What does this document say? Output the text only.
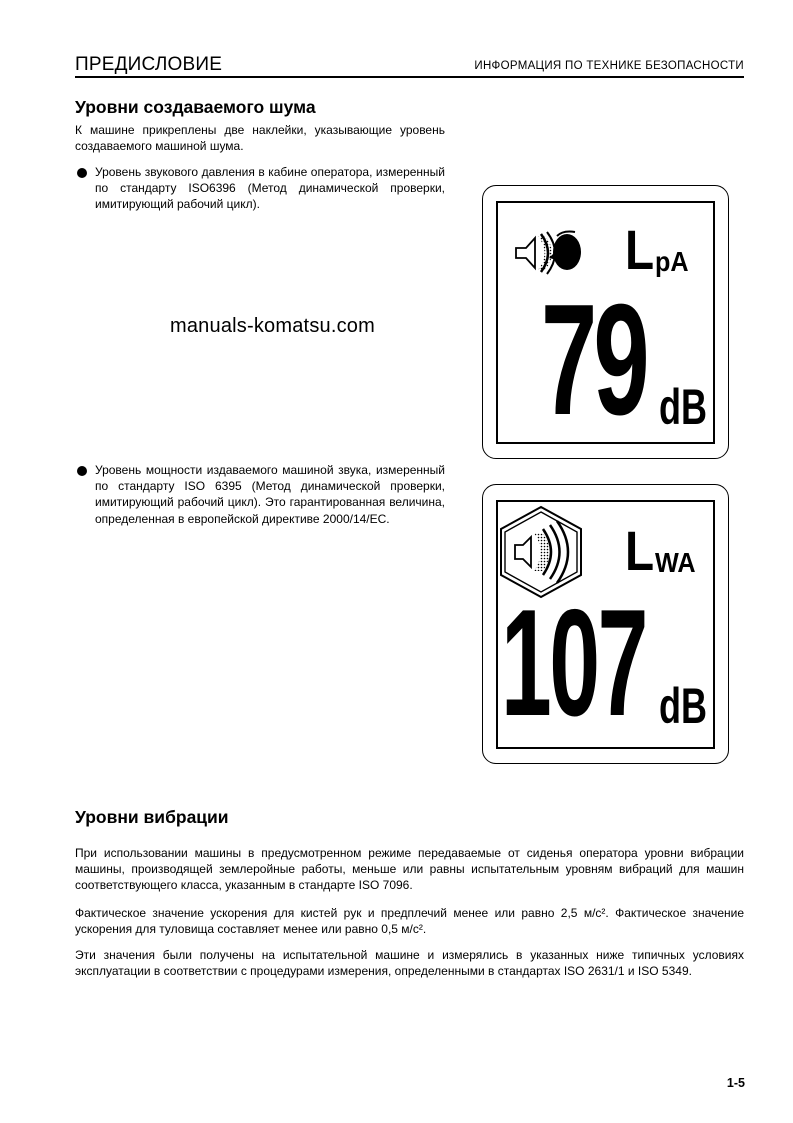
ПРЕДИСЛОВИЕ	ИНФОРМАЦИЯ ПО ТЕХНИКЕ БЕЗОПАСНОСТИ
Уровни создаваемого шума

К машине прикреплены две наклейки, указывающие уровень создаваемого машиной шума.

Уровень звукового давления в кабине оператора, измеренный по стандарту ISO6396 (Метод динамической проверки, имитирующий рабочий цикл).

manuals-komatsu.com

Уровень мощности издаваемого машиной звука, измеренный по стандарту ISO 6395 (Метод динамической проверки, имитирующий рабочий цикл). Это гарантированная величина, определенная в европейской директиве 2000/14/EC.

L pA
79 dB
L WA
107 dB
Уровни вибрации

При использовании машины в предусмотренном режиме передаваемые от сиденья оператора уровни вибрации машины, производящей землеройные работы, меньше или равны испытательным уровням вибраций для машин соответствующего класса, указанным в стандарте ISO 7096.

Фактическое значение ускорения для кистей рук и предплечий менее или равно 2,5 м/с². Фактическое значение ускорения для туловища составляет менее или равно 0,5 м/с².

Эти значения были получены на испытательной машине и измерялись в указанных ниже типичных условиях эксплуатации в соответствии с процедурами измерения, определенными в стандартах ISO 2631/1 и ISO 5349.

1-5
